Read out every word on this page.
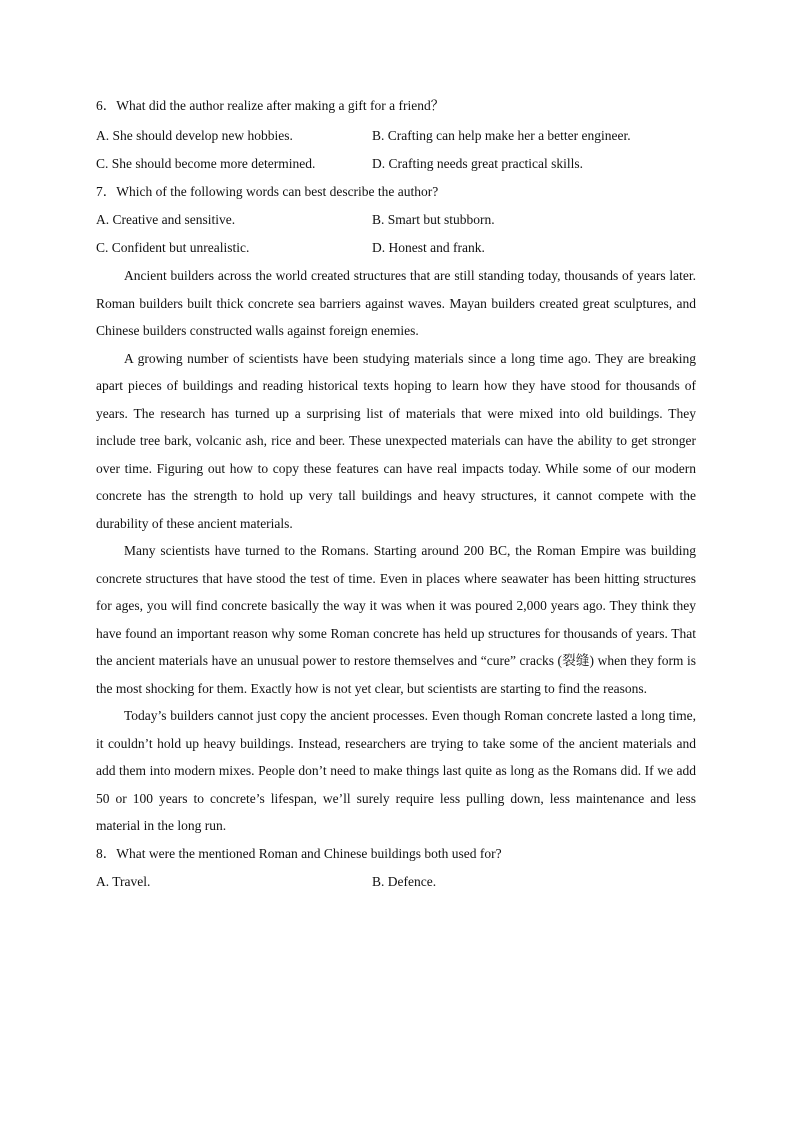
6．What did the author realize after making a gift for a friend？
A. She should develop new hobbies.	B. Crafting can help make her a better engineer.
C. She should become more determined.	D. Crafting needs great practical skills.
7．Which of the following words can best describe the author?
A. Creative and sensitive.	B. Smart but stubborn.
C. Confident but unrealistic.	D. Honest and frank.

Ancient builders across the world created structures that are still standing today, thousands of years later. Roman builders built thick concrete sea barriers against waves. Mayan builders created great sculptures, and Chinese builders constructed walls against foreign enemies.

A growing number of scientists have been studying materials since a long time ago. They are breaking apart pieces of buildings and reading historical texts hoping to learn how they have stood for thousands of years. The research has turned up a surprising list of materials that were mixed into old buildings. They include tree bark, volcanic ash, rice and beer. These unexpected materials can have the ability to get stronger over time. Figuring out how to copy these features can have real impacts today. While some of our modern concrete has the strength to hold up very tall buildings and heavy structures, it cannot compete with the durability of these ancient materials.

Many scientists have turned to the Romans. Starting around 200 BC, the Roman Empire was building concrete structures that have stood the test of time. Even in places where seawater has been hitting structures for ages, you will find concrete basically the way it was when it was poured 2,000 years ago. They think they have found an important reason why some Roman concrete has held up structures for thousands of years. That the ancient materials have an unusual power to restore themselves and “cure” cracks (裂缝) when they form is the most shocking for them. Exactly how is not yet clear, but scientists are starting to find the reasons.

Today’s builders cannot just copy the ancient processes. Even though Roman concrete lasted a long time, it couldn’t hold up heavy buildings. Instead, researchers are trying to take some of the ancient materials and add them into modern mixes. People don’t need to make things last quite as long as the Romans did. If we add 50 or 100 years to concrete’s lifespan, we’ll surely require less pulling down, less maintenance and less material in the long run.

8．What were the mentioned Roman and Chinese buildings both used for?
A. Travel.	B. Defence.
